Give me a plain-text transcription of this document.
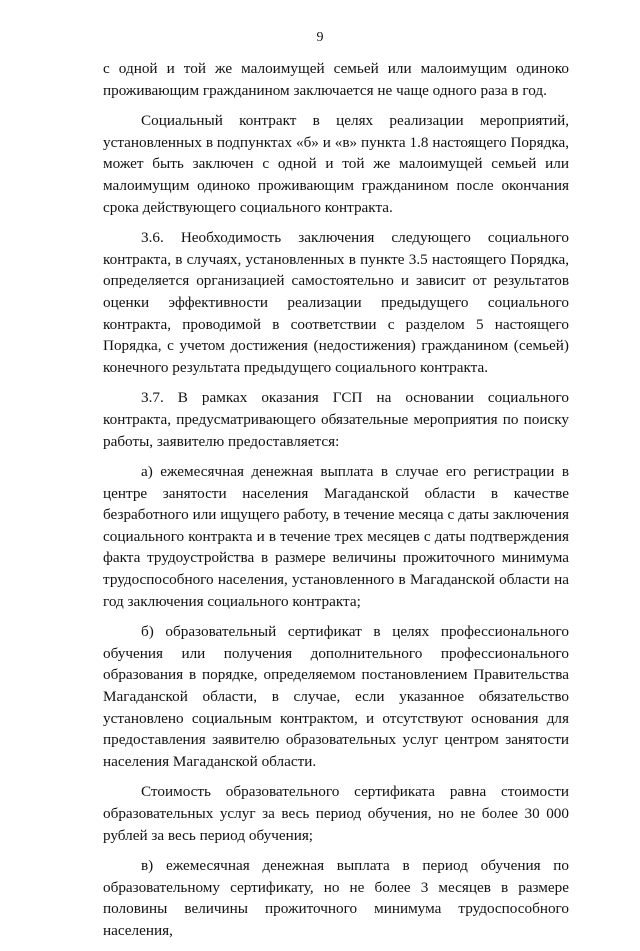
9

с одной и той же малоимущей семьей или малоимущим одиноко проживающим гражданином заключается не чаще одного раза в год.

Социальный контракт в целях реализации мероприятий, установленных в подпунктах «б» и «в» пункта 1.8 настоящего Порядка, может быть заключен с одной и той же малоимущей семьей или малоимущим одиноко проживающим гражданином после окончания срока действующего социального контракта.

3.6. Необходимость заключения следующего социального контракта, в случаях, установленных в пункте 3.5 настоящего Порядка, определяется организацией самостоятельно и зависит от результатов оценки эффективности реализации предыдущего социального контракта, проводимой в соответствии с разделом 5 настоящего Порядка, с учетом достижения (недостижения) гражданином (семьей) конечного результата предыдущего социального контракта.

3.7. В рамках оказания ГСП на основании социального контракта, предусматривающего обязательные мероприятия по поиску работы, заявителю предоставляется:

а) ежемесячная денежная выплата в случае его регистрации в центре занятости населения Магаданской области в качестве безработного или ищущего работу, в течение месяца с даты заключения социального контракта и в течение трех месяцев с даты подтверждения факта трудоустройства в размере величины прожиточного минимума трудоспособного населения, установленного в Магаданской области на год заключения социального контракта;

б) образовательный сертификат в целях профессионального обучения или получения дополнительного профессионального образования в порядке, определяемом постановлением Правительства Магаданской области, в случае, если указанное обязательство установлено социальным контрактом, и отсутствуют основания для предоставления заявителю образовательных услуг центром занятости населения Магаданской области.

Стоимость образовательного сертификата равна стоимости образовательных услуг за весь период обучения, но не более 30 000 рублей за весь период обучения;

в) ежемесячная денежная выплата в период обучения по образовательному сертификату, но не более 3 месяцев в размере половины величины прожиточного минимума трудоспособного населения,
